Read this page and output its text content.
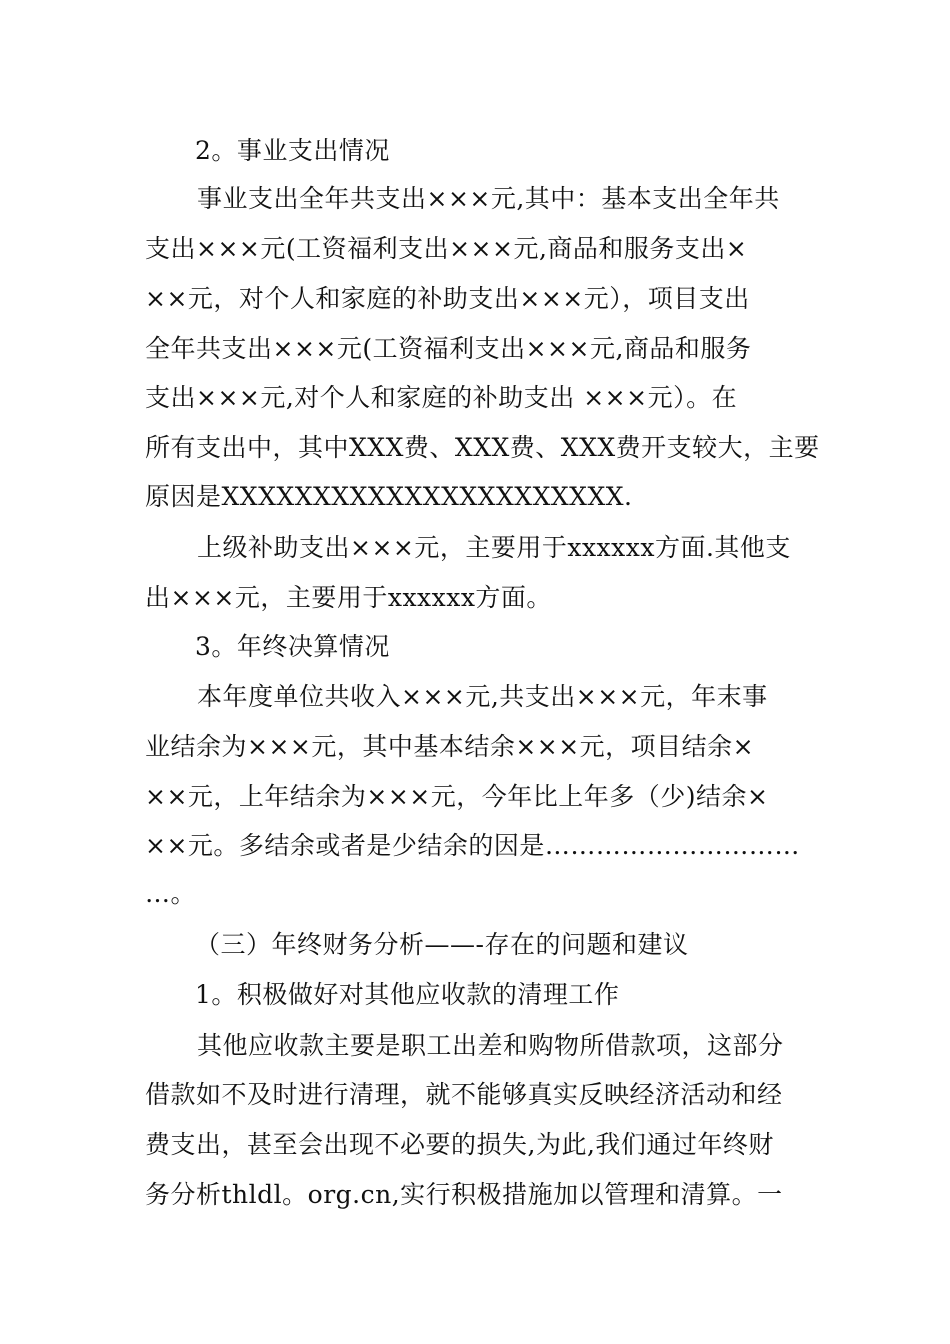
2。事业支出情况
事业支出全年共支出×××元,其中：基本支出全年共
支出×××元(工资福利支出×××元,商品和服务支出×
××元，对个人和家庭的补助支出×××元），项目支出
全年共支出×××元(工资福利支出×××元,商品和服务
支出×××元,对个人和家庭的补助支出 ×××元）。在
所有支出中，其中XXX费、XXX费、XXX费开支较大，主要
原因是XXXXXXXXXXXXXXXXXXXXXX.
上级补助支出×××元，主要用于xxxxxx方面.其他支
出×××元，主要用于xxxxxx方面。
3。年终决算情况
本年度单位共收入×××元,共支出×××元，年末事
业结余为×××元，其中基本结余×××元，项目结余×
××元，上年结余为×××元，今年比上年多（少)结余×
××元。多结余或者是少结余的因是…………………………
…。
（三）年终财务分析——-存在的问题和建议
1。积极做好对其他应收款的清理工作
其他应收款主要是职工出差和购物所借款项，这部分
借款如不及时进行清理，就不能够真实反映经济活动和经
费支出，甚至会出现不必要的损失,为此,我们通过年终财
务分析thldl。org.cn,实行积极措施加以管理和清算。一
